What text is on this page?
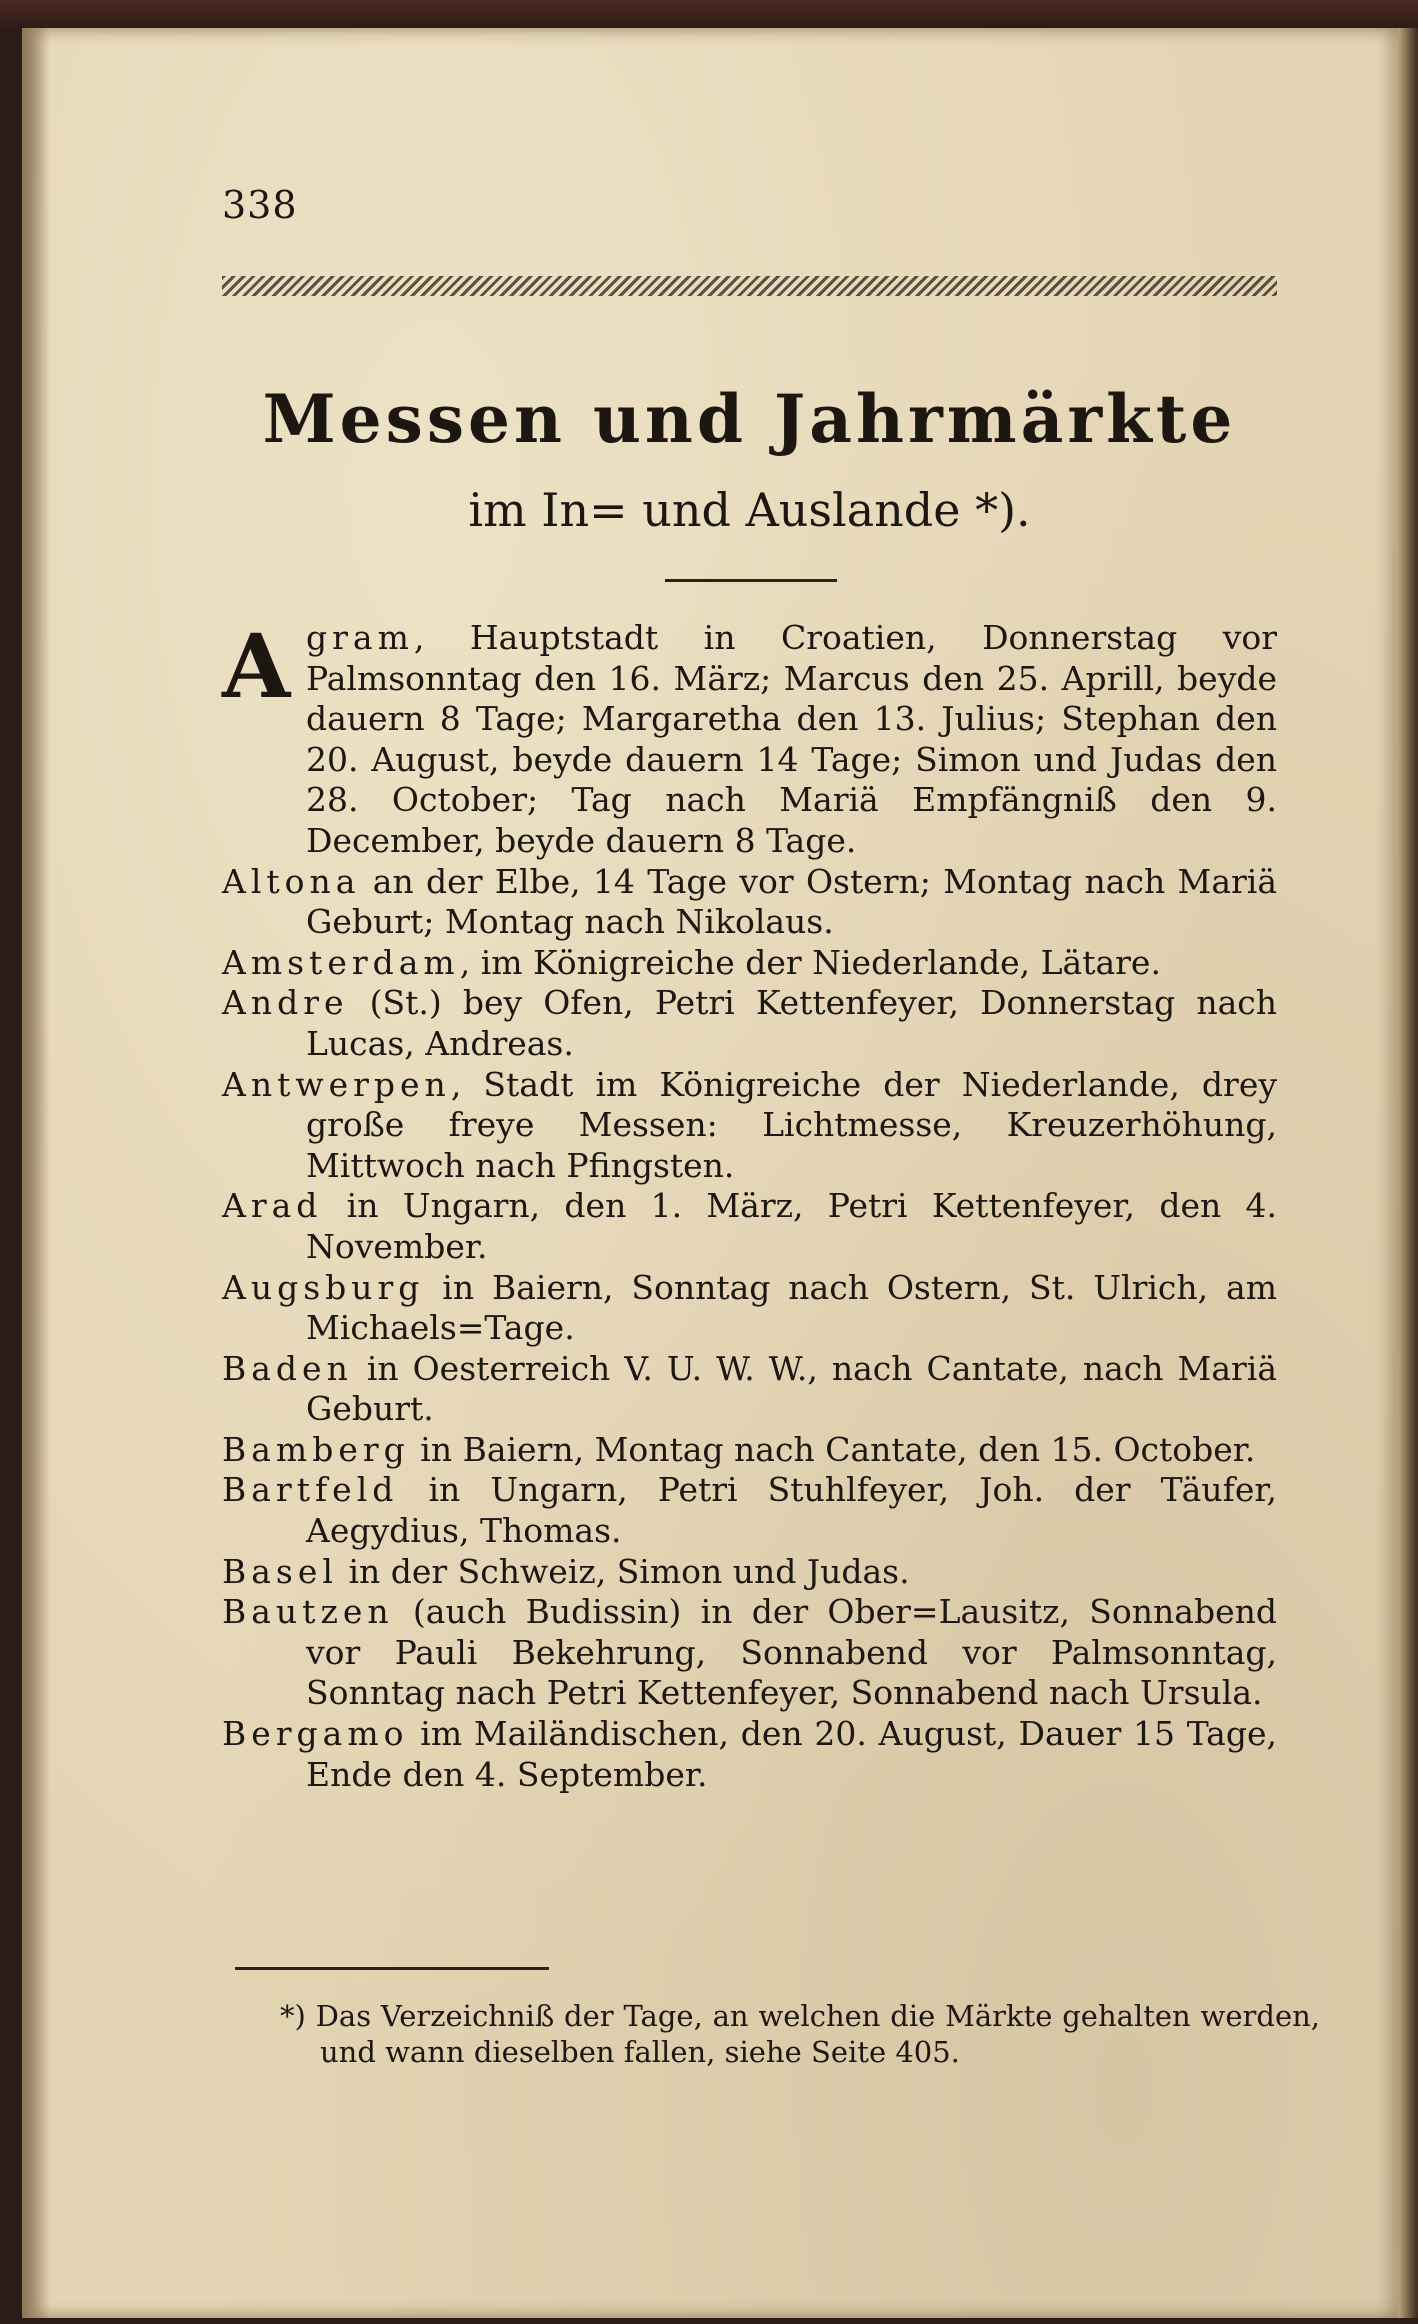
338
Messen und Jahrmärkte
im In= und Auslande *).
A gram, Hauptstadt in Croatien, Donnerstag vor Palmsonntag den 16. März; Marcus den 25. Aprill, beyde dauern 8 Tage; Margaretha den 13. Julius; Stephan den 20. August, beyde dauern 14 Tage; Simon und Judas den 28. October; Tag nach Mariä Empfängniß den 9. December, beyde dauern 8 Tage.
Altona an der Elbe, 14 Tage vor Ostern; Montag nach Mariä Geburt; Montag nach Nikolaus.
Amsterdam, im Königreiche der Niederlande, Lätare.
Andre (St.) bey Ofen, Petri Kettenfeyer, Donnerstag nach Lucas, Andreas.
Antwerpen, Stadt im Königreiche der Niederlande, drey große freye Messen: Lichtmesse, Kreuzerhöhung, Mittwoch nach Pfingsten.
Arad in Ungarn, den 1. März, Petri Kettenfeyer, den 4. November.
Augsburg in Baiern, Sonntag nach Ostern, St. Ulrich, am Michaels=Tage.
Baden in Oesterreich V. U. W. W., nach Cantate, nach Mariä Geburt.
Bamberg in Baiern, Montag nach Cantate, den 15. October.
Bartfeld in Ungarn, Petri Stuhlfeyer, Joh. der Täufer, Aegydius, Thomas.
Basel in der Schweiz, Simon und Judas.
Bautzen (auch Budissin) in der Ober=Lausitz, Sonnabend vor Pauli Bekehrung, Sonnabend vor Palmsonntag, Sonntag nach Petri Kettenfeyer, Sonnabend nach Ursula.
Bergamo im Mailändischen, den 20. August, Dauer 15 Tage, Ende den 4. September.
*) Das Verzeichniß der Tage, an welchen die Märkte gehalten werden, und wann dieselben fallen, siehe Seite 405.
